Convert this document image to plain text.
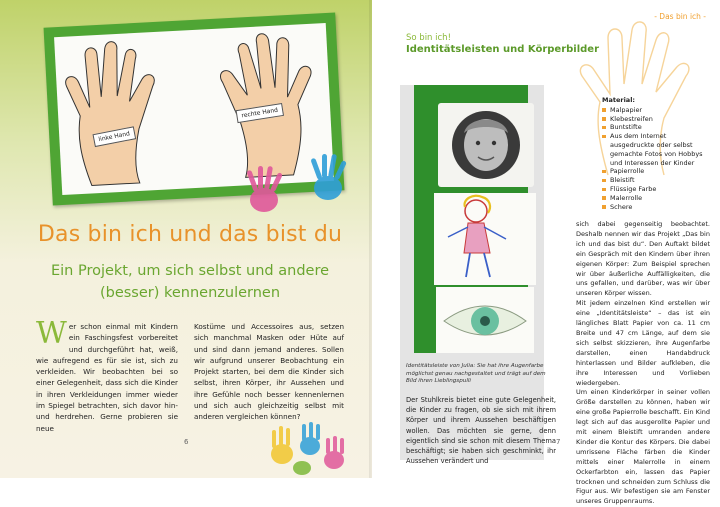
linke Hand
rechte Hand
Das bin ich und das bist du
Ein Projekt, um sich selbst und andere (besser) kennenzulernen
Wer schon einmal mit Kindern ein Faschingsfest vorbereitet und durchgeführt hat, weiß, wie aufregend es für sie ist, sich zu verkleiden. Wir beobachten bei so einer Gelegenheit, dass sich die Kinder in ihren Verkleidungen immer wieder im Spiegel betrachten, sich davor hin- und herdrehen. Gerne probieren sie neue
Kostüme und Accessoires aus, setzen sich manchmal Masken oder Hüte auf und sind dann jemand anderes. Sollen wir aufgrund unserer Beobachtung ein Projekt starten, bei dem die Kinder sich selbst, ihren Körper, ihr Aussehen und ihre Gefühle noch besser kennenlernen und sich auch gleichzeitig selbst mit anderen vergleichen können?
6
- Das bin ich -
So bin ich!
Identitätsleisten und Körperbilder
Identitätsleiste von Julia: Sie hat ihre Augenfarbe möglichst genau nachgestaltet und trägt auf dem Bild ihren Lieblingspulli
Der Stuhlkreis bietet eine gute Gelegenheit, die Kinder zu fragen, ob sie sich mit ihrem Körper und ihrem Aussehen beschäftigen wollen. Das möchten sie gerne, denn eigentlich sind sie schon mit diesem Thema beschäftigt; sie haben sich geschminkt, ihr Aussehen verändert und
Material:
Malpapier
Klebestreifen
Buntstifte
Aus dem Internet ausgedruckte oder selbst gemachte Fotos von Hobbys und Interessen der Kinder
Papierrolle
Bleistift
Flüssige Farbe
Malerrolle
Schere

sich dabei gegenseitig beobachtet. Deshalb nennen wir das Projekt „Das bin ich und das bist du“. Den Auftakt bildet ein Gespräch mit den Kindern über ihren eigenen Körper: Zum Beispiel sprechen wir über äußerliche Auffälligkeiten, die uns gefallen, und darüber, was wir über unseren Körper wissen.

Mit jedem einzelnen Kind erstellen wir eine „Identitätsleiste“ – das ist ein längliches Blatt Papier von ca. 11 cm Breite und 47 cm Länge, auf dem sie sich selbst skizzieren, ihre Augenfarbe darstellen, einen Handabdruck hinterlassen und Bilder aufkleben, die ihre Interessen und Vorlieben wiedergeben.

Um einen Kinderkörper in seiner vollen Größe darstellen zu können, haben wir eine große Papierrolle beschafft. Ein Kind legt sich auf das ausgerollte Papier und mit einem Bleistift umranden andere Kinder die Kontur des Körpers. Die dabei umrissene Fläche färben die Kinder mittels einer Malerrolle in einem Ockerfarbton ein, lassen das Papier trocknen und schneiden zum Schluss die Figur aus. Wir befestigen sie am Fenster unseres Gruppenraums.

7
